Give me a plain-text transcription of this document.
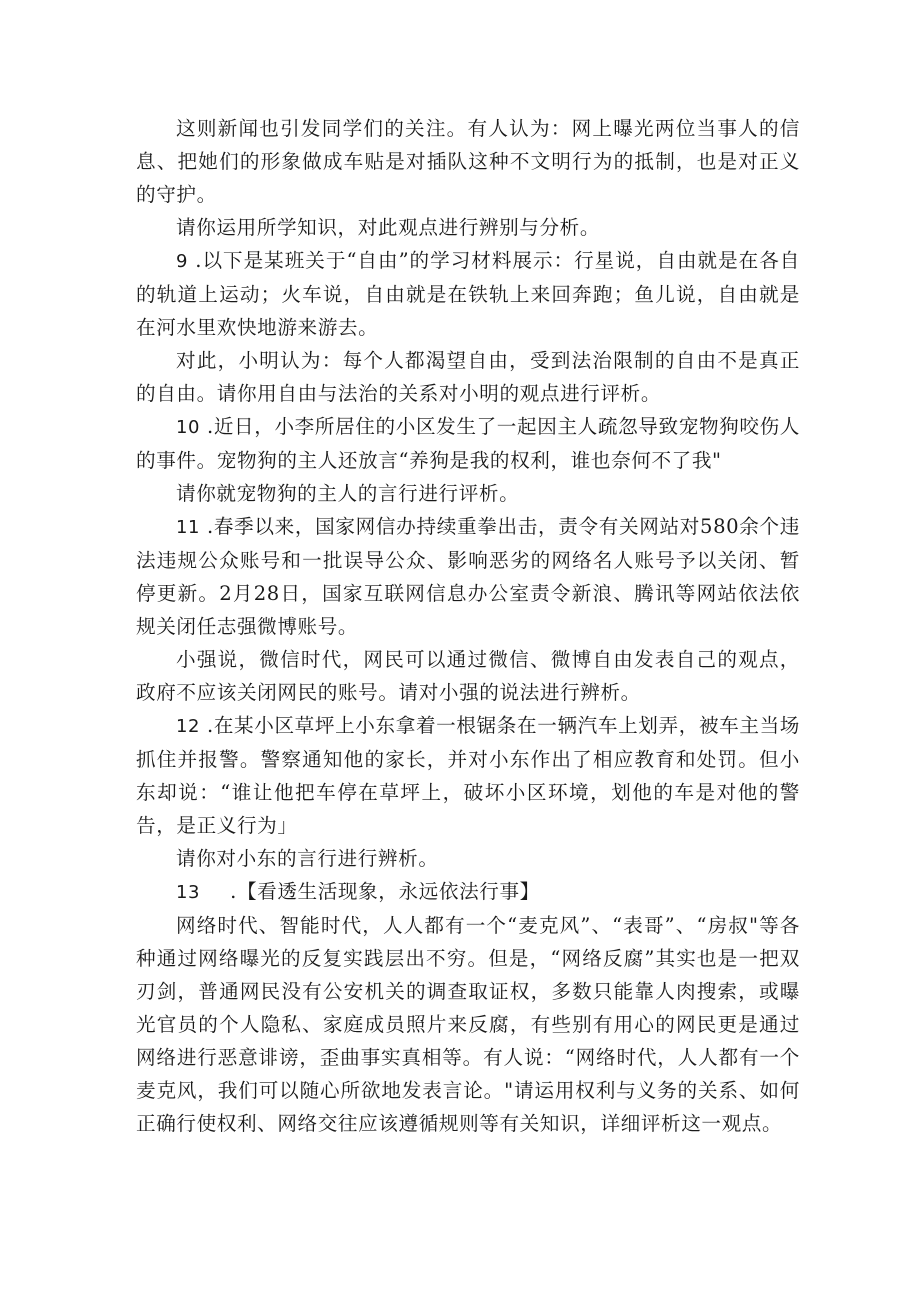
这则新闻也引发同学们的关注。有人认为：网上曝光两位当事人的信息、把她们的形象做成车贴是对插队这种不文明行为的抵制，也是对正义的守护。

请你运用所学知识，对此观点进行辨别与分析。

9 .以下是某班关于“自由”的学习材料展示：行星说，自由就是在各自的轨道上运动；火车说，自由就是在铁轨上来回奔跑；鱼儿说，自由就是在河水里欢快地游来游去。

对此，小明认为：每个人都渴望自由，受到法治限制的自由不是真正的自由。请你用自由与法治的关系对小明的观点进行评析。

10 .近日，小李所居住的小区发生了一起因主人疏忽导致宠物狗咬伤人的事件。宠物狗的主人还放言“养狗是我的权利，谁也奈何不了我"

请你就宠物狗的主人的言行进行评析。

11 .春季以来，国家网信办持续重拳出击，责令有关网站对580余个违法违规公众账号和一批误导公众、影响恶劣的网络名人账号予以关闭、暂停更新。2月28日，国家互联网信息办公室责令新浪、腾讯等网站依法依规关闭任志强微博账号。

小强说，微信时代，网民可以通过微信、微博自由发表自己的观点，政府不应该关闭网民的账号。请对小强的说法进行辨析。

12 .在某小区草坪上小东拿着一根锯条在一辆汽车上划弄，被车主当场抓住并报警。警察通知他的家长，并对小东作出了相应教育和处罚。但小东却说：“谁让他把车停在草坪上，破坏小区环境，划他的车是对他的警告，是正义行为」

请你对小东的言行进行辨析。

13 .【看透生活现象，永远依法行事】

网络时代、智能时代，人人都有一个“麦克风”、“表哥”、“房叔"等各种通过网络曝光的反复实践层出不穷。但是，“网络反腐”其实也是一把双刃剑，普通网民没有公安机关的调查取证权，多数只能靠人肉搜索，或曝光官员的个人隐私、家庭成员照片来反腐，有些别有用心的网民更是通过网络进行恶意诽谤，歪曲事实真相等。有人说：“网络时代，人人都有一个麦克风，我们可以随心所欲地发表言论。"请运用权利与义务的关系、如何正确行使权利、网络交往应该遵循规则等有关知识，详细评析这一观点。
